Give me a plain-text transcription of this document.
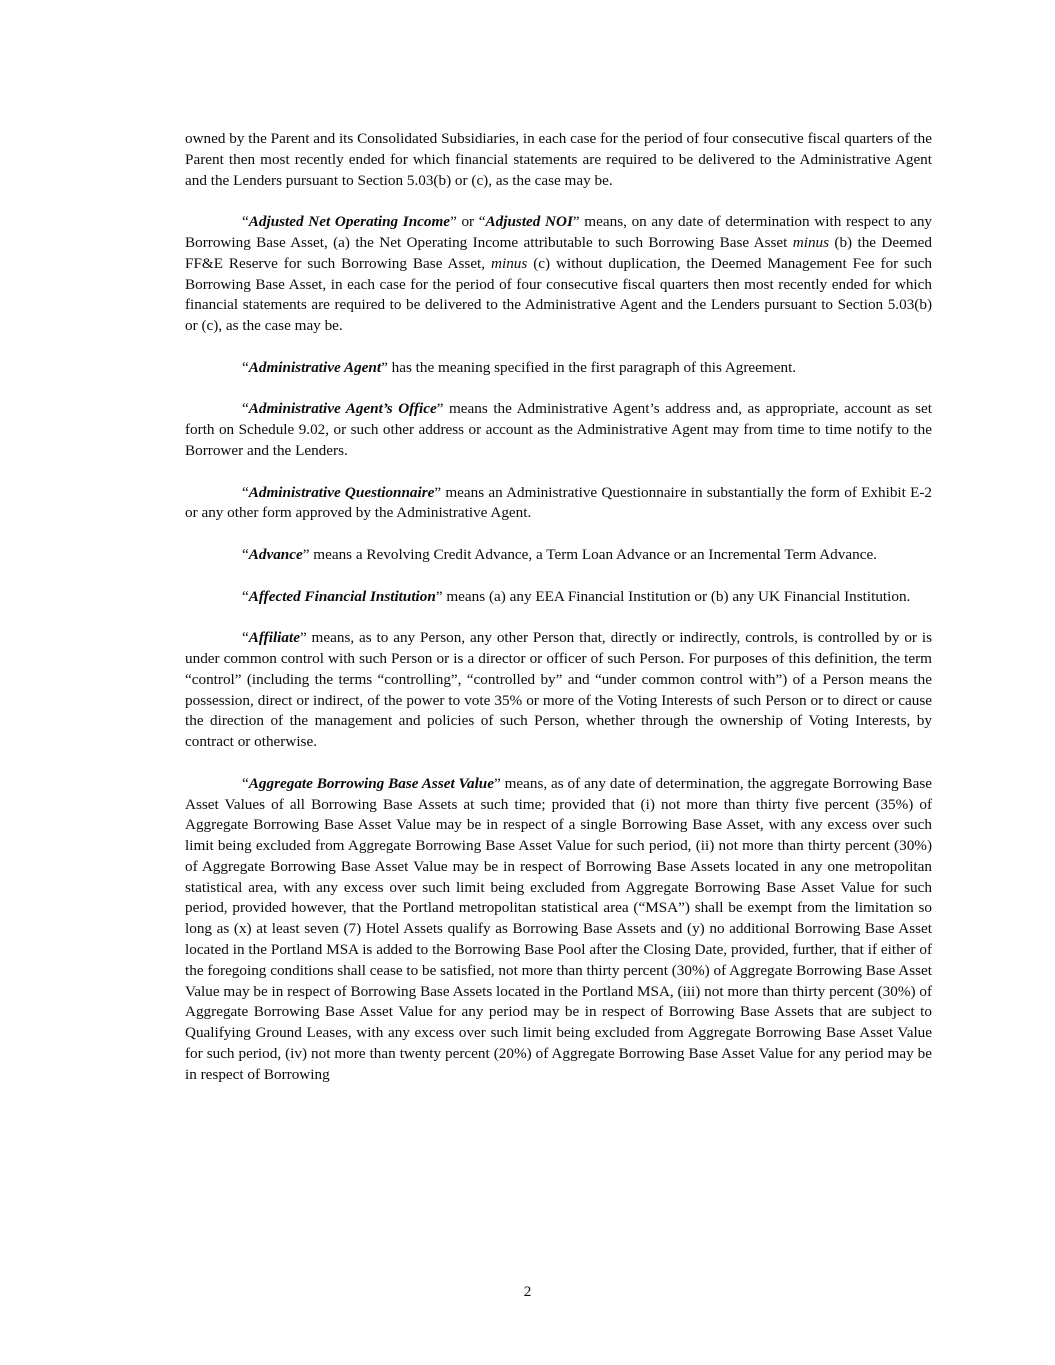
owned by the Parent and its Consolidated Subsidiaries, in each case for the period of four consecutive fiscal quarters of the Parent then most recently ended for which financial statements are required to be delivered to the Administrative Agent and the Lenders pursuant to Section 5.03(b) or (c), as the case may be.

“Adjusted Net Operating Income” or “Adjusted NOI” means, on any date of determination with respect to any Borrowing Base Asset, (a) the Net Operating Income attributable to such Borrowing Base Asset minus (b) the Deemed FF&E Reserve for such Borrowing Base Asset, minus (c) without duplication, the Deemed Management Fee for such Borrowing Base Asset, in each case for the period of four consecutive fiscal quarters then most recently ended for which financial statements are required to be delivered to the Administrative Agent and the Lenders pursuant to Section 5.03(b) or (c), as the case may be.

“Administrative Agent” has the meaning specified in the first paragraph of this Agreement.

“Administrative Agent’s Office” means the Administrative Agent’s address and, as appropriate, account as set forth on Schedule 9.02, or such other address or account as the Administrative Agent may from time to time notify to the Borrower and the Lenders.

“Administrative Questionnaire” means an Administrative Questionnaire in substantially the form of Exhibit E-2 or any other form approved by the Administrative Agent.

“Advance” means a Revolving Credit Advance, a Term Loan Advance or an Incremental Term Advance.

“Affected Financial Institution” means (a) any EEA Financial Institution or (b) any UK Financial Institution.

“Affiliate” means, as to any Person, any other Person that, directly or indirectly, controls, is controlled by or is under common control with such Person or is a director or officer of such Person. For purposes of this definition, the term “control” (including the terms “controlling”, “controlled by” and “under common control with”) of a Person means the possession, direct or indirect, of the power to vote 35% or more of the Voting Interests of such Person or to direct or cause the direction of the management and policies of such Person, whether through the ownership of Voting Interests, by contract or otherwise.

“Aggregate Borrowing Base Asset Value” means, as of any date of determination, the aggregate Borrowing Base Asset Values of all Borrowing Base Assets at such time; provided that (i) not more than thirty five percent (35%) of Aggregate Borrowing Base Asset Value may be in respect of a single Borrowing Base Asset, with any excess over such limit being excluded from Aggregate Borrowing Base Asset Value for such period, (ii) not more than thirty percent (30%) of Aggregate Borrowing Base Asset Value may be in respect of Borrowing Base Assets located in any one metropolitan statistical area, with any excess over such limit being excluded from Aggregate Borrowing Base Asset Value for such period, provided however, that the Portland metropolitan statistical area (“MSA”) shall be exempt from the limitation so long as (x) at least seven (7) Hotel Assets qualify as Borrowing Base Assets and (y) no additional Borrowing Base Asset located in the Portland MSA is added to the Borrowing Base Pool after the Closing Date, provided, further, that if either of the foregoing conditions shall cease to be satisfied, not more than thirty percent (30%) of Aggregate Borrowing Base Asset Value may be in respect of Borrowing Base Assets located in the Portland MSA, (iii) not more than thirty percent (30%) of Aggregate Borrowing Base Asset Value for any period may be in respect of Borrowing Base Assets that are subject to Qualifying Ground Leases, with any excess over such limit being excluded from Aggregate Borrowing Base Asset Value for such period, (iv) not more than twenty percent (20%) of Aggregate Borrowing Base Asset Value for any period may be in respect of Borrowing

2
